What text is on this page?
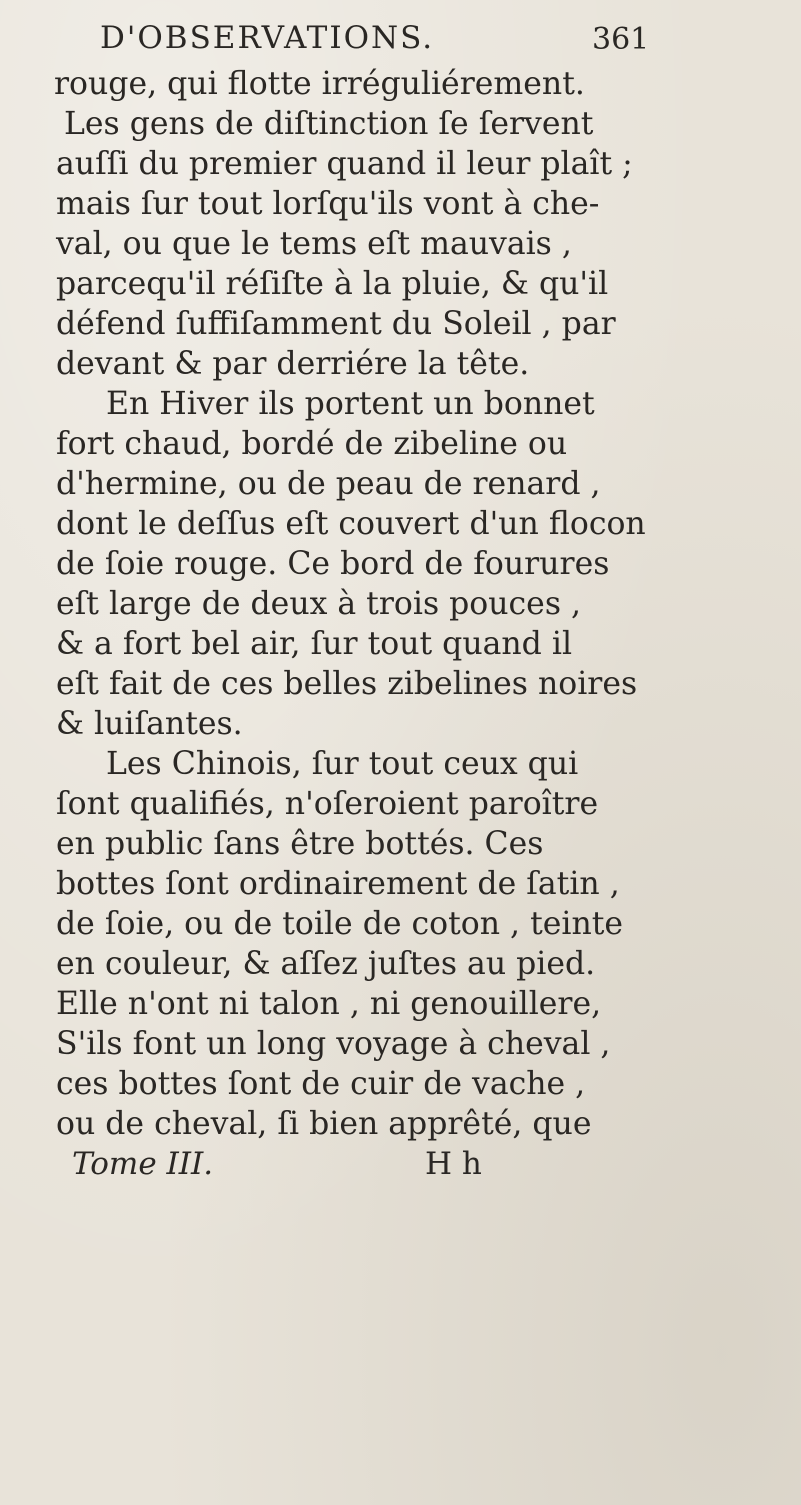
D'OBSERVATIONS.	361
rouge, qui flotte irréguliérement.
Les gens de diſtinction ſe ſervent
auſſi du premier quand il leur plaît ;
mais ſur tout lorſqu'ils vont à che-
val, ou que le tems eſt mauvais ,
parcequ'il réſiſte à la pluie, & qu'il
défend ſuffiſamment du Soleil , par
devant & par derriére la tête.
En Hiver ils portent un bonnet
fort chaud, bordé de zibeline ou
d'hermine, ou de peau de renard ,
dont le deſſus eſt couvert d'un flocon
de ſoie rouge. Ce bord de fourures
eſt large de deux à trois pouces ,
& a fort bel air, ſur tout quand il
eſt fait de ces belles zibelines noires
& luiſantes.
Les Chinois, ſur tout ceux qui
ſont qualifiés, n'oſeroient paroître
en public ſans être bottés. Ces
bottes ſont ordinairement de ſatin ,
de ſoie, ou de toile de coton , teinte
en couleur, & aſſez juſtes au pied.
Elle n'ont ni talon , ni genouillere,
S'ils font un long voyage à cheval ,
ces bottes ſont de cuir de vache ,
ou de cheval, ſi bien apprêté, que
Tome III.	H h
